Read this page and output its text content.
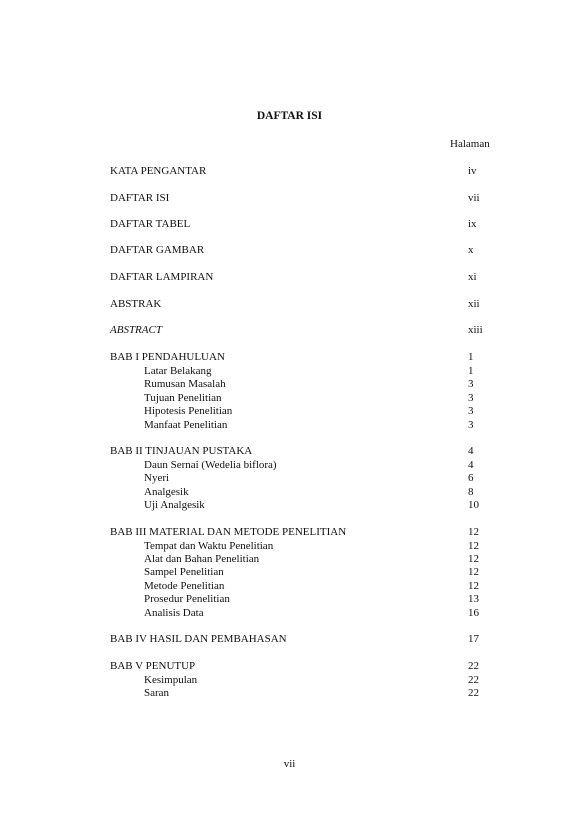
DAFTAR ISI
Halaman
KATA PENGANTAR	iv
DAFTAR ISI	vii
DAFTAR TABEL	ix
DAFTAR GAMBAR	x
DAFTAR LAMPIRAN	xi
ABSTRAK	xii
ABSTRACT	xiii
BAB I PENDAHULUAN	1
Latar Belakang	1
Rumusan Masalah	3
Tujuan Penelitian	3
Hipotesis Penelitian	3
Manfaat Penelitian	3
BAB II TINJAUAN PUSTAKA	4
Daun Sernai (Wedelia biflora)	4
Nyeri	6
Analgesik	8
Uji Analgesik	10
BAB III MATERIAL DAN METODE PENELITIAN	12
Tempat dan Waktu Penelitian	12
Alat dan Bahan Penelitian	12
Sampel Penelitian	12
Metode Penelitian	12
Prosedur Penelitian	13
Analisis Data	16
BAB IV HASIL DAN PEMBAHASAN	17
BAB V PENUTUP	22
Kesimpulan	22
Saran	22
vii
